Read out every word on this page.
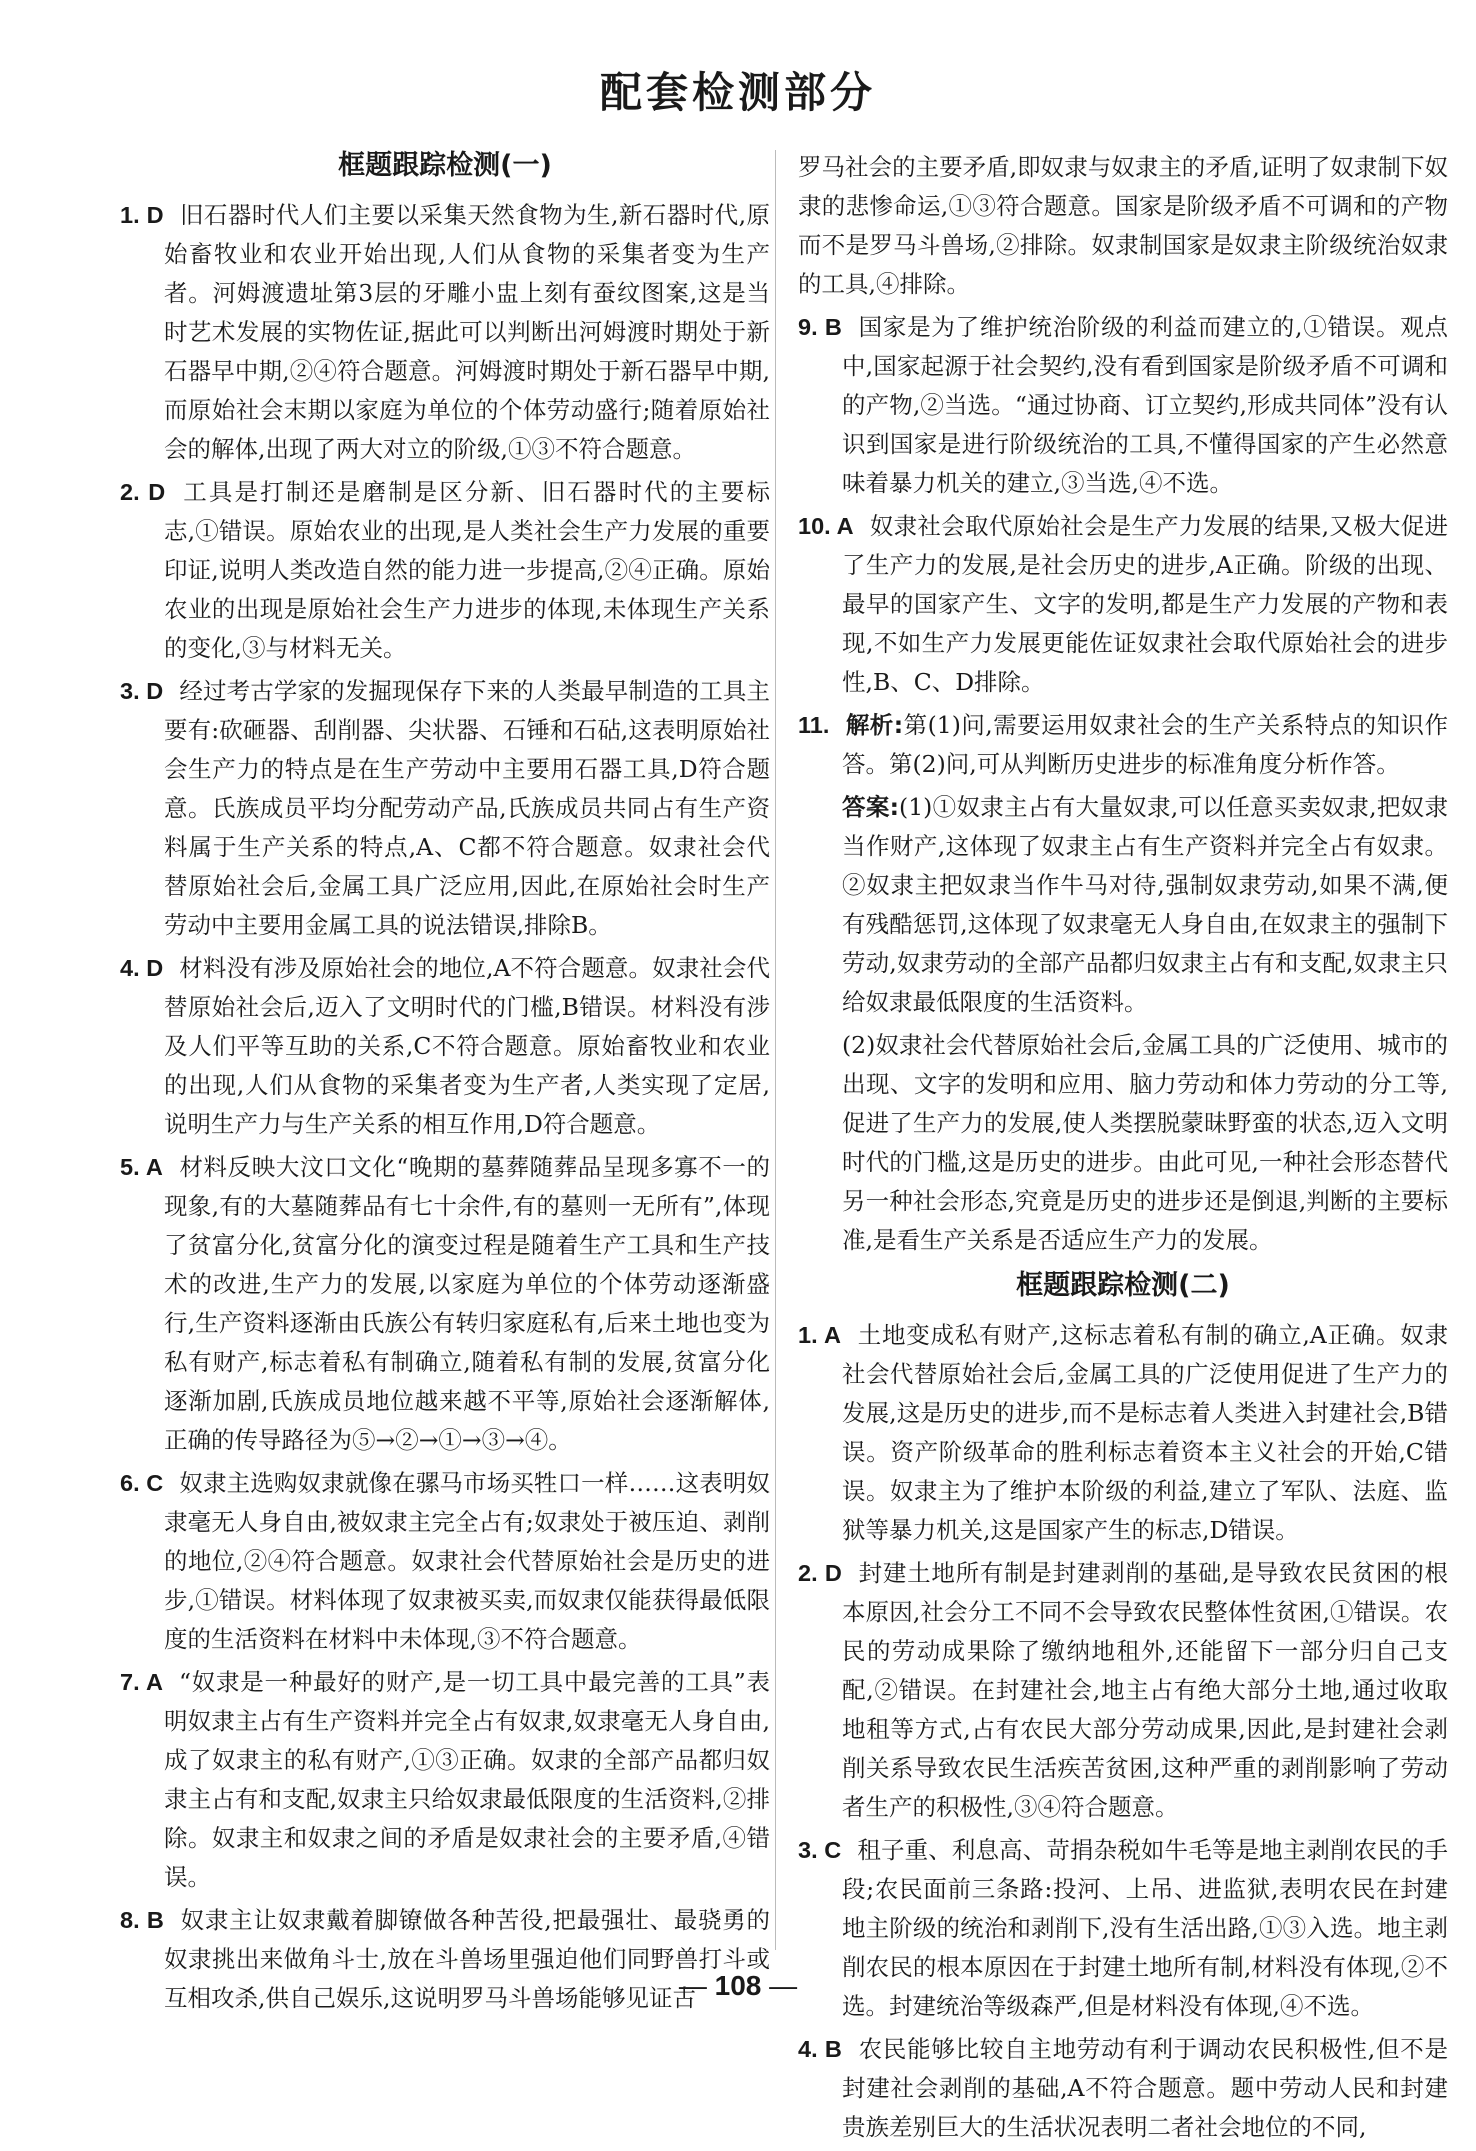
配套检测部分
框题跟踪检测(一)
1. D 旧石器时代人们主要以采集天然食物为生,新石器时代,原始畜牧业和农业开始出现,人们从食物的采集者变为生产者。河姆渡遗址第3层的牙雕小盅上刻有蚕纹图案,这是当时艺术发展的实物佐证,据此可以判断出河姆渡时期处于新石器早中期,②④符合题意。河姆渡时期处于新石器早中期,而原始社会末期以家庭为单位的个体劳动盛行;随着原始社会的解体,出现了两大对立的阶级,①③不符合题意。
2. D 工具是打制还是磨制是区分新、旧石器时代的主要标志,①错误。原始农业的出现,是人类社会生产力发展的重要印证,说明人类改造自然的能力进一步提高,②④正确。原始农业的出现是原始社会生产力进步的体现,未体现生产关系的变化,③与材料无关。
3. D 经过考古学家的发掘现保存下来的人类最早制造的工具主要有:砍砸器、刮削器、尖状器、石锤和石砧,这表明原始社会生产力的特点是在生产劳动中主要用石器工具,D符合题意。氏族成员平均分配劳动产品,氏族成员共同占有生产资料属于生产关系的特点,A、C都不符合题意。奴隶社会代替原始社会后,金属工具广泛应用,因此,在原始社会时生产劳动中主要用金属工具的说法错误,排除B。
4. D 材料没有涉及原始社会的地位,A不符合题意。奴隶社会代替原始社会后,迈入了文明时代的门槛,B错误。材料没有涉及人们平等互助的关系,C不符合题意。原始畜牧业和农业的出现,人们从食物的采集者变为生产者,人类实现了定居,说明生产力与生产关系的相互作用,D符合题意。
5. A 材料反映大汶口文化“晚期的墓葬随葬品呈现多寡不一的现象,有的大墓随葬品有七十余件,有的墓则一无所有”,体现了贫富分化,贫富分化的演变过程是随着生产工具和生产技术的改进,生产力的发展,以家庭为单位的个体劳动逐渐盛行,生产资料逐渐由氏族公有转归家庭私有,后来土地也变为私有财产,标志着私有制确立,随着私有制的发展,贫富分化逐渐加剧,氏族成员地位越来越不平等,原始社会逐渐解体,正确的传导路径为⑤→②→①→③→④。
6. C 奴隶主选购奴隶就像在骡马市场买牲口一样……这表明奴隶毫无人身自由,被奴隶主完全占有;奴隶处于被压迫、剥削的地位,②④符合题意。奴隶社会代替原始社会是历史的进步,①错误。材料体现了奴隶被买卖,而奴隶仅能获得最低限度的生活资料在材料中未体现,③不符合题意。
7. A “奴隶是一种最好的财产,是一切工具中最完善的工具”表明奴隶主占有生产资料并完全占有奴隶,奴隶毫无人身自由,成了奴隶主的私有财产,①③正确。奴隶的全部产品都归奴隶主占有和支配,奴隶主只给奴隶最低限度的生活资料,②排除。奴隶主和奴隶之间的矛盾是奴隶社会的主要矛盾,④错误。
8. B 奴隶主让奴隶戴着脚镣做各种苦役,把最强壮、最骁勇的奴隶挑出来做角斗士,放在斗兽场里强迫他们同野兽打斗或互相攻杀,供自己娱乐,这说明罗马斗兽场能够见证古
罗马社会的主要矛盾,即奴隶与奴隶主的矛盾,证明了奴隶制下奴隶的悲惨命运,①③符合题意。国家是阶级矛盾不可调和的产物而不是罗马斗兽场,②排除。奴隶制国家是奴隶主阶级统治奴隶的工具,④排除。
9. B 国家是为了维护统治阶级的利益而建立的,①错误。观点中,国家起源于社会契约,没有看到国家是阶级矛盾不可调和的产物,②当选。“通过协商、订立契约,形成共同体”没有认识到国家是进行阶级统治的工具,不懂得国家的产生必然意味着暴力机关的建立,③当选,④不选。
10. A 奴隶社会取代原始社会是生产力发展的结果,又极大促进了生产力的发展,是社会历史的进步,A正确。阶级的出现、最早的国家产生、文字的发明,都是生产力发展的产物和表现,不如生产力发展更能佐证奴隶社会取代原始社会的进步性,B、C、D排除。
11. 解析:第(1)问,需要运用奴隶社会的生产关系特点的知识作答。第(2)问,可从判断历史进步的标准角度分析作答。
答案:(1)①奴隶主占有大量奴隶,可以任意买卖奴隶,把奴隶当作财产,这体现了奴隶主占有生产资料并完全占有奴隶。②奴隶主把奴隶当作牛马对待,强制奴隶劳动,如果不满,便有残酷惩罚,这体现了奴隶毫无人身自由,在奴隶主的强制下劳动,奴隶劳动的全部产品都归奴隶主占有和支配,奴隶主只给奴隶最低限度的生活资料。
(2)奴隶社会代替原始社会后,金属工具的广泛使用、城市的出现、文字的发明和应用、脑力劳动和体力劳动的分工等,促进了生产力的发展,使人类摆脱蒙昧野蛮的状态,迈入文明时代的门槛,这是历史的进步。由此可见,一种社会形态替代另一种社会形态,究竟是历史的进步还是倒退,判断的主要标准,是看生产关系是否适应生产力的发展。
框题跟踪检测(二)
1. A 土地变成私有财产,这标志着私有制的确立,A正确。奴隶社会代替原始社会后,金属工具的广泛使用促进了生产力的发展,这是历史的进步,而不是标志着人类进入封建社会,B错误。资产阶级革命的胜利标志着资本主义社会的开始,C错误。奴隶主为了维护本阶级的利益,建立了军队、法庭、监狱等暴力机关,这是国家产生的标志,D错误。
2. D 封建土地所有制是封建剥削的基础,是导致农民贫困的根本原因,社会分工不同不会导致农民整体性贫困,①错误。农民的劳动成果除了缴纳地租外,还能留下一部分归自己支配,②错误。在封建社会,地主占有绝大部分土地,通过收取地租等方式,占有农民大部分劳动成果,因此,是封建社会剥削关系导致农民生活疾苦贫困,这种严重的剥削影响了劳动者生产的积极性,③④符合题意。
3. C 租子重、利息高、苛捐杂税如牛毛等是地主剥削农民的手段;农民面前三条路:投河、上吊、进监狱,表明农民在封建地主阶级的统治和剥削下,没有生活出路,①③入选。地主剥削农民的根本原因在于封建土地所有制,材料没有体现,②不选。封建统治等级森严,但是材料没有体现,④不选。
4. B 农民能够比较自主地劳动有利于调动农民积极性,但不是封建社会剥削的基础,A不符合题意。题中劳动人民和封建贵族差别巨大的生活状况表明二者社会地位的不同,
— 108 —
